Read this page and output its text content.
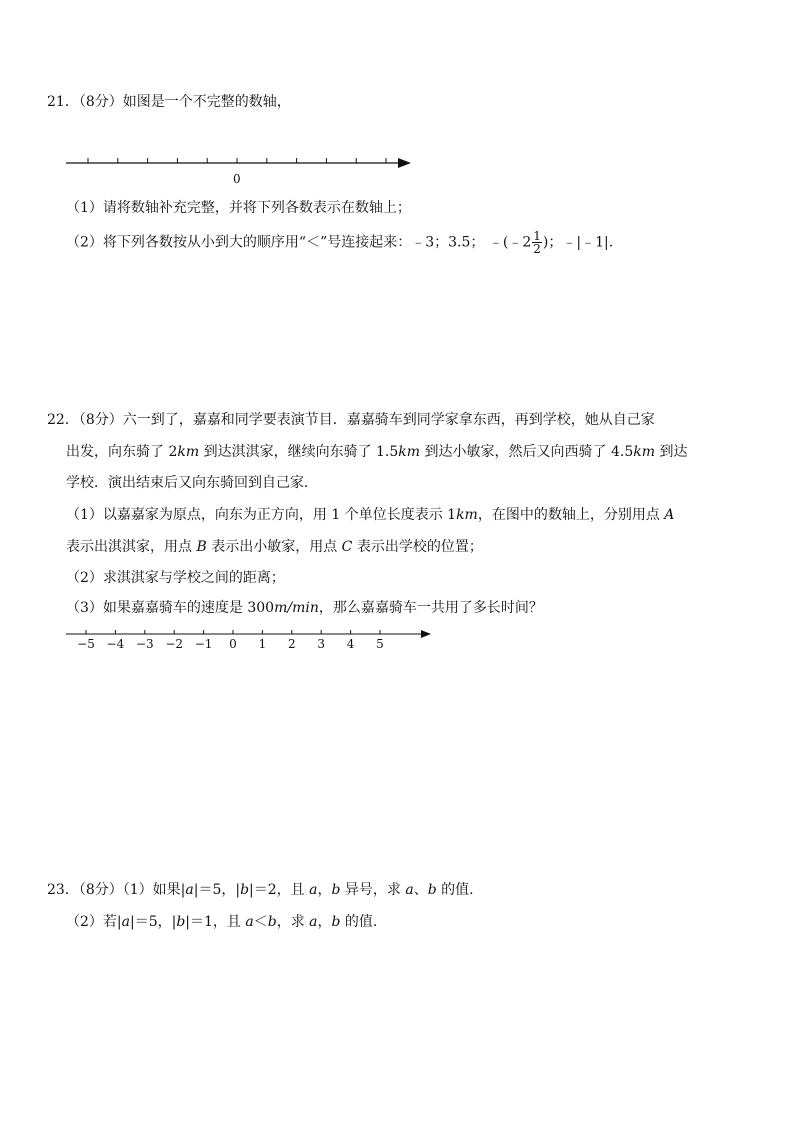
21．（8分）如图是一个不完整的数轴，
0
（1）请将数轴补充完整，并将下列各数表示在数轴上；
（2）将下列各数按从小到大的顺序用“＜”号连接起来：﹣3；3.5； ﹣(﹣2 $\frac{1}{2}$ )；﹣|﹣1|.
22．（8分）六一到了，嘉嘉和同学要表演节目．嘉嘉骑车到同学家拿东西，再到学校，她从自己家
出发，向东骑了 2km 到达淇淇家，继续向东骑了 1.5km 到达小敏家，然后又向西骑了 4.5km 到达
学校．演出结束后又向东骑回到自己家．
（1）以嘉嘉家为原点，向东为正方向，用 1 个单位长度表示 1km，在图中的数轴上，分别用点 A
表示出淇淇家，用点 B 表示出小敏家，用点 C 表示出学校的位置；
（2）求淇淇家与学校之间的距离；
（3）如果嘉嘉骑车的速度是 300m/min，那么嘉嘉骑车一共用了多长时间？
−5 −4 −3 −2 −1 0 1 2 3 4 5
23．（8分）（1）如果|a|＝5，|b|＝2，且 a，b 异号，求 a、b 的值.
（2）若|a|＝5，|b|＝1，且 a＜b，求 a，b 的值.
